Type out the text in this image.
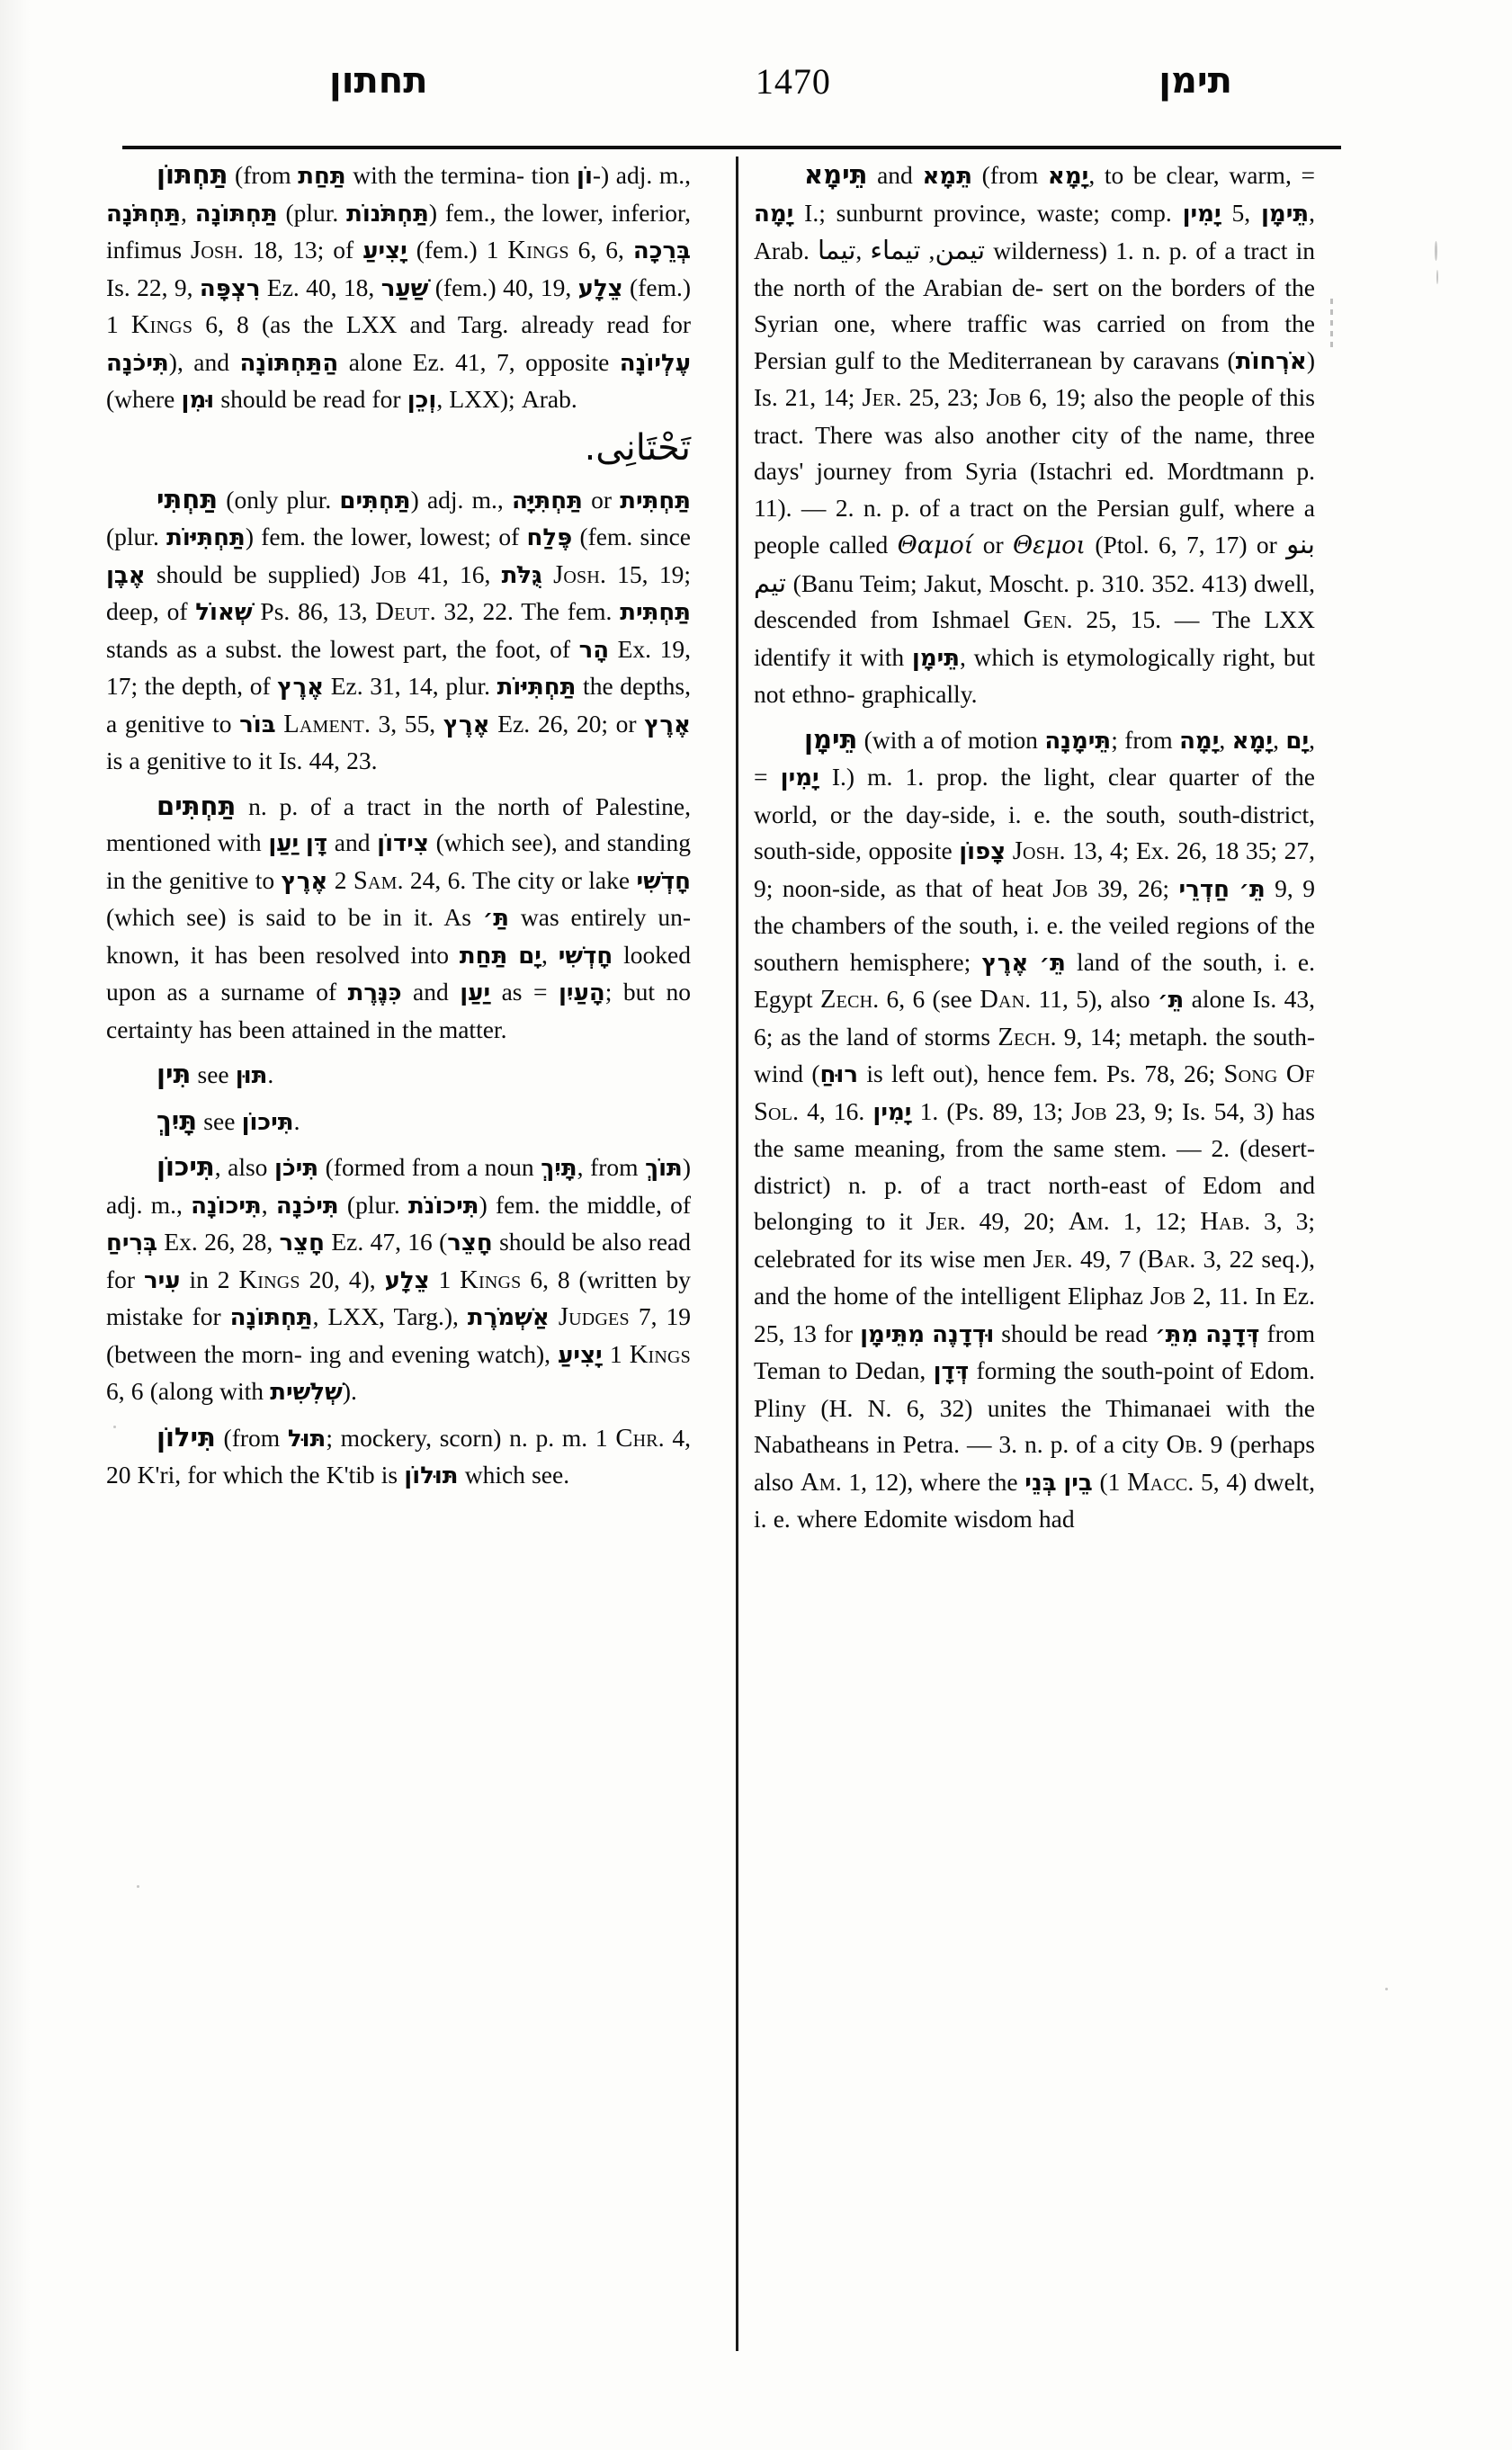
תחתון	1470	תימן

תַּחְתּוֹן (from תַּחַת with the termina- tion וֹן-) adj. m., תַּחְתֹּנָה, תַּחְתּוֹנָה (plur. תַּחְתֹּנוֹת) fem., the lower, inferior, infimus Josh. 18, 13; of יָצִיעַ (fem.) 1 Kings 6, 6, בְּרֵכָה Is. 22, 9, רִצְפָּה Ez. 40, 18, שַׁעַר (fem.) 40, 19, צֵלָע (fem.) 1 Kings 6, 8 (as the LXX and Targ. already read for תִּיכֹנָה), and הַתַּחְתּוֹנָה alone Ez. 41, 7, opposite עֶלְיוֹנָה (where וּמִן should be read for וְכֵן, LXX); Arab.

تَحْتَانِى.

תַּחְתִּי (only plur. תַּחְתִּים) adj. m., תַּחְתִּיָּה or תַּחְתִּית (plur. תַּחְתִּיּוֹת) fem. the lower, lowest; of פֶּלַח (fem. since אֶבֶן should be supplied) Job 41, 16, גֻּלֹּת Josh. 15, 19; deep, of שְׁאוֹל Ps. 86, 13, Deut. 32, 22. The fem. תַּחְתִּית stands as a subst. the lowest part, the foot, of הָר Ex. 19, 17; the depth, of אֶרֶץ Ez. 31, 14, plur. תַּחְתִּיּוֹת the depths, a genitive to בּוֹר Lament. 3, 55, אֶרֶץ Ez. 26, 20; or אֶרֶץ is a genitive to it Is. 44, 23.

תַּחְתִּים n. p. of a tract in the north of Palestine, mentioned with יַעַן דָּן and צִידוֹן (which see), and standing in the genitive to אֶרֶץ 2 Sam. 24, 6. The city or lake חָדְשִׁי (which see) is said to be in it. As תַּ׳ was entirely un- known, it has been resolved into תַּחַת יָם, חָדְשִׁי looked upon as a surname of כִּנֶּרֶת and יַעַן as = הָעַיִן; but no certainty has been attained in the matter.

תִּין see תּוּן.

תָּיִךְ see תִּיכוֹן.

תִּיכוֹן, also תִּיכֹן (formed from a noun תָּיִךְ, from תּוֹךְ) adj. m., תִּיכוֹנָה, תִּיכֹנָה (plur. תִּיכוֹנֹת) fem. the middle, of בְּרִיחַ Ex. 26, 28, חָצֵר Ez. 47, 16 (חָצֵר should be also read for עִיר in 2 Kings 20, 4), צֵלָע 1 Kings 6, 8 (written by mistake for תַּחְתּוֹנָה, LXX, Targ.), אַשְׁמֹרֶת Judges 7, 19 (between the morn- ing and evening watch), יָצִיעַ 1 Kings 6, 6 (along with שְׁלִשִׁית).

תִּילוֹן (from תּוּל; mockery, scorn) n. p. m. 1 Chr. 4, 20 K'ri, for which the K'tib is תּוּלוֹן which see.

תֵּימָא and תֵּמָא (from יָמָא, to be clear, warm, = יָמָה I.; sunburnt province, waste; comp. יָמִין 5, תֵּימָן, Arab. تيما, تيماء ,تيمن wilderness) 1. n. p. of a tract in the north of the Arabian de- sert on the borders of the Syrian one, where traffic was carried on from the Persian gulf to the Mediterranean by caravans (אֹרְחוֹת) Is. 21, 14; Jer. 25, 23; Job 6, 19; also the people of this tract. There was also another city of the name, three days' journey from Syria (Istachri ed. Mordtmann p. 11). — 2. n. p. of a tract on the Persian gulf, where a people called Θαμοί or Θεμοι (Ptol. 6, 7, 17) or بنو تيم (Banu Teim; Jakut, Moscht. p. 310. 352. 413) dwell, descended from Ishmael Gen. 25, 15. — The LXX identify it with תֵּימָן, which is etymologically right, but not ethno- graphically.

תֵּימָן (with a of motion תֵּימָנָה; from יָמָה, יָמָא, יָם, = יָמִין I.) m. 1. prop. the light, clear quarter of the world, or the day-side, i. e. the south, south-district, south-side, opposite צָפוֹן Josh. 13, 4; Ex. 26, 18 35; 27, 9; noon-side, as that of heat Job 39, 26; חַדְרֵי תֵּ׳ 9, 9 the chambers of the south, i. e. the veiled regions of the southern hemisphere; אֶרֶץ תֵּ׳ land of the south, i. e. Egypt Zech. 6, 6 (see Dan. 11, 5), also תֵּ׳ alone Is. 43, 6; as the land of storms Zech. 9, 14; metaph. the south-wind (רוּחַ is left out), hence fem. Ps. 78, 26; Song Of Sol. 4, 16. יָמִין 1. (Ps. 89, 13; Job 23, 9; Is. 54, 3) has the same meaning, from the same stem. — 2. (desert-district) n. p. of a tract north-east of Edom and belonging to it Jer. 49, 20; Am. 1, 12; Hab. 3, 3; celebrated for its wise men Jer. 49, 7 (Bar. 3, 22 seq.), and the home of the intelligent Eliphaz Job 2, 11. In Ez. 25, 13 for מִתֵּימָן וּדְדָנֶה should be read מִתֵּ׳ דְּדָנָה from Teman to Dedan, דְּדָן forming the south-point of Edom. Pliny (H. N. 6, 32) unites the Thimanaei with the Nabatheans in Petra. — 3. n. p. of a city Ob. 9 (perhaps also Am. 1, 12), where the בְּנֵי בֵין (1 Macc. 5, 4) dwelt, i. e. where Edomite wisdom had
